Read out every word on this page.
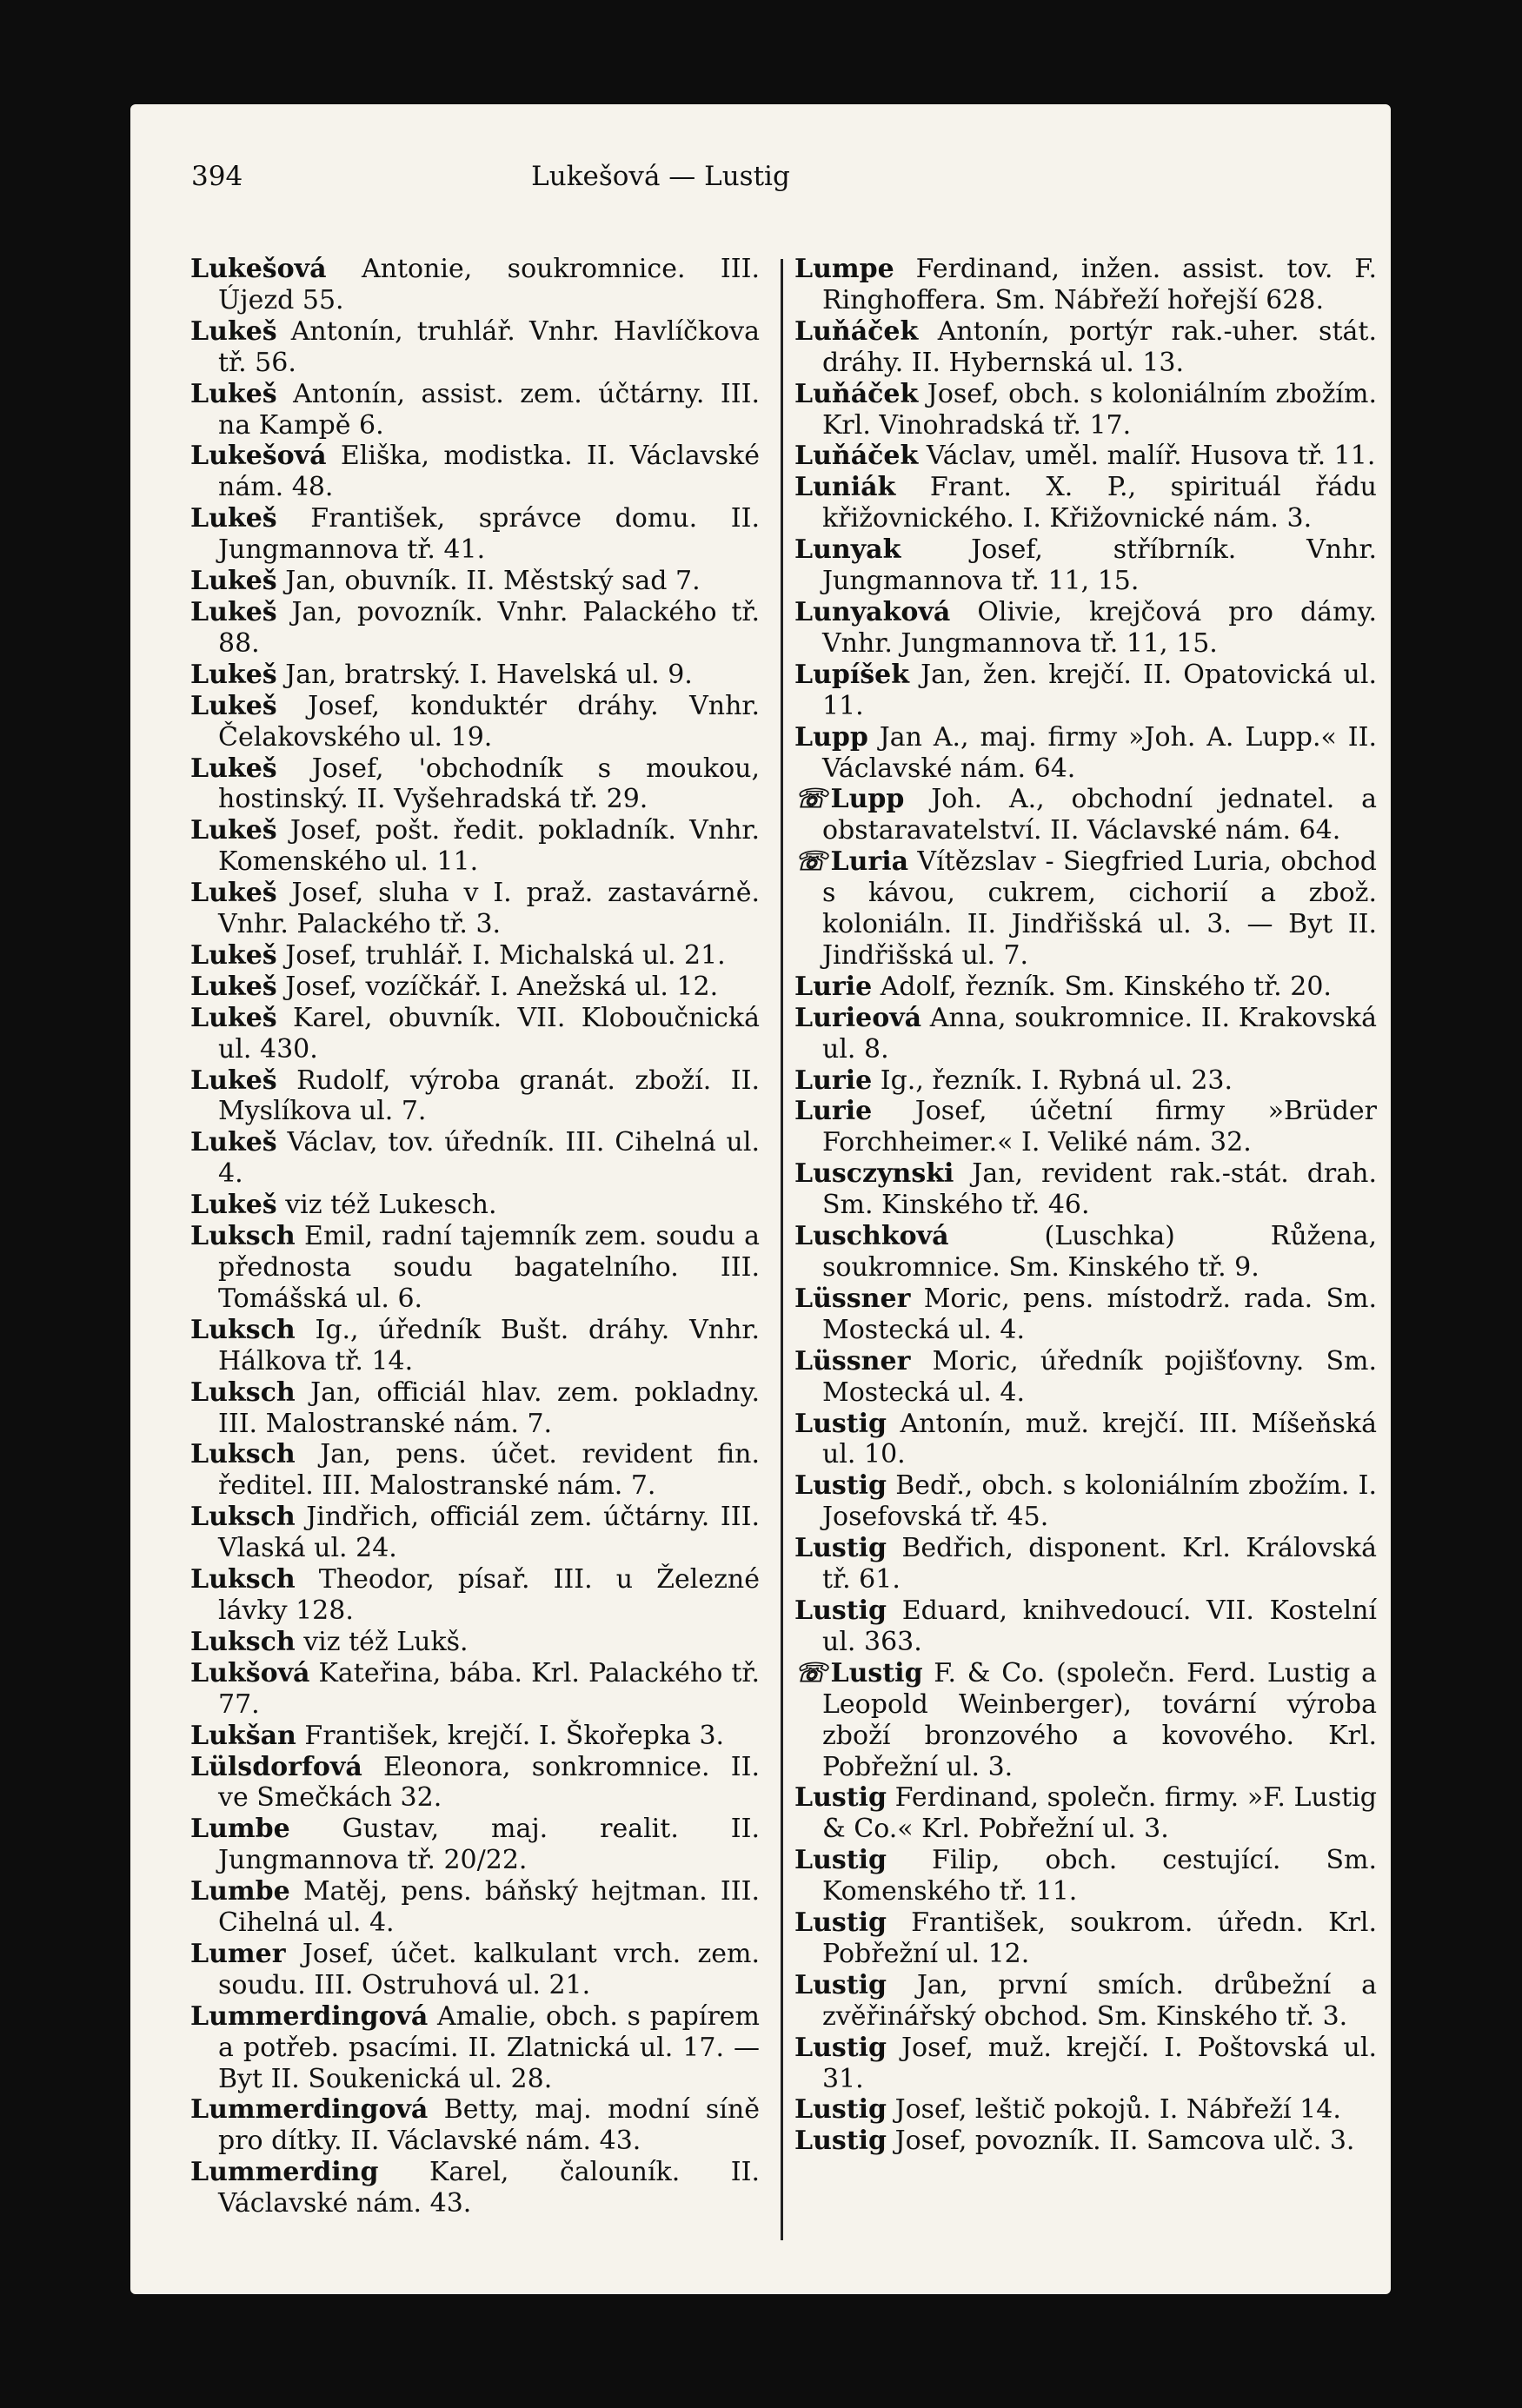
394	Lukešová — Lustig

Lukešová Antonie, soukromnice. III. Újezd 55.

Lukeš Antonín, truhlář. Vnhr. Havlíčkova tř. 56.

Lukeš Antonín, assist. zem. účtárny. III. na Kampě 6.

Lukešová Eliška, modistka. II. Václavské nám. 48.

Lukeš František, správce domu. II. Jungmannova tř. 41.

Lukeš Jan, obuvník. II. Městský sad 7.

Lukeš Jan, povozník. Vnhr. Palackého tř. 88.

Lukeš Jan, bratrský. I. Havelská ul. 9.

Lukeš Josef, konduktér dráhy. Vnhr. Čelakovského ul. 19.

Lukeš Josef, 'obchodník s moukou, hostinský. II. Vyšehradská tř. 29.

Lukeš Josef, pošt. ředit. pokladník. Vnhr. Komenského ul. 11.

Lukeš Josef, sluha v I. praž. zastavárně. Vnhr. Palackého tř. 3.

Lukeš Josef, truhlář. I. Michalská ul. 21.

Lukeš Josef, vozíčkář. I. Anežská ul. 12.

Lukeš Karel, obuvník. VII. Kloboučnická ul. 430.

Lukeš Rudolf, výroba granát. zboží. II. Myslíkova ul. 7.

Lukeš Václav, tov. úředník. III. Cihelná ul. 4.

Lukeš viz též Lukesch.

Luksch Emil, radní tajemník zem. soudu a přednosta soudu bagatelního. III. Tomášská ul. 6.

Luksch Ig., úředník Bušt. dráhy. Vnhr. Hálkova tř. 14.

Luksch Jan, officiál hlav. zem. pokladny. III. Malostranské nám. 7.

Luksch Jan, pens. účet. revident fin. ředitel. III. Malostranské nám. 7.

Luksch Jindřich, officiál zem. účtárny. III. Vlaská ul. 24.

Luksch Theodor, písař. III. u Železné lávky 128.

Luksch viz též Lukš.

Lukšová Kateřina, bába. Krl. Palackého tř. 77.

Lukšan František, krejčí. I. Škořepka 3.

Lülsdorfová Eleonora, sonkromnice. II. ve Smečkách 32.

Lumbe Gustav, maj. realit. II. Jungmannova tř. 20/22.

Lumbe Matěj, pens. báňský hejtman. III. Cihelná ul. 4.

Lumer Josef, účet. kalkulant vrch. zem. soudu. III. Ostruhová ul. 21.

Lummerdingová Amalie, obch. s papírem a potřeb. psacími. II. Zlatnická ul. 17. — Byt II. Soukenická ul. 28.

Lummerdingová Betty, maj. modní síně pro dítky. II. Václavské nám. 43.

Lummerding Karel, čalouník. II. Václavské nám. 43.

Lumpe Ferdinand, inžen. assist. tov. F. Ringhoffera. Sm. Nábřeží hořejší 628.

Luňáček Antonín, portýr rak.-uher. stát. dráhy. II. Hybernská ul. 13.

Luňáček Josef, obch. s koloniálním zbožím. Krl. Vinohradská tř. 17.

Luňáček Václav, uměl. malíř. Husova tř. 11.

Luniák Frant. X. P., spirituál řádu křižovnického. I. Křižovnické nám. 3.

Lunyak Josef, stříbrník. Vnhr. Jungmannova tř. 11, 15.

Lunyaková Olivie, krejčová pro dámy. Vnhr. Jungmannova tř. 11, 15.

Lupíšek Jan, žen. krejčí. II. Opatovická ul. 11.

Lupp Jan A., maj. firmy »Joh. A. Lupp.« II. Václavské nám. 64.

☏ Lupp Joh. A., obchodní jednatel. a obstaravatelství. II. Václavské nám. 64.

☏ Luria Vítězslav - Siegfried Luria, obchod s kávou, cukrem, cichorií a zbož. koloniáln. II. Jindřišská ul. 3. — Byt II. Jindřišská ul. 7.

Lurie Adolf, řezník. Sm. Kinského tř. 20.

Lurieová Anna, soukromnice. II. Krakovská ul. 8.

Lurie Ig., řezník. I. Rybná ul. 23.

Lurie Josef, účetní firmy »Brüder Forchheimer.« I. Veliké nám. 32.

Lusczynski Jan, revident rak.-stát. drah. Sm. Kinského tř. 46.

Luschková (Luschka) Růžena, soukromnice. Sm. Kinského tř. 9.

Lüssner Moric, pens. místodrž. rada. Sm. Mostecká ul. 4.

Lüssner Moric, úředník pojišťovny. Sm. Mostecká ul. 4.

Lustig Antonín, muž. krejčí. III. Míšeňská ul. 10.

Lustig Bedř., obch. s koloniálním zbožím. I. Josefovská tř. 45.

Lustig Bedřich, disponent. Krl. Královská tř. 61.

Lustig Eduard, knihvedoucí. VII. Kostelní ul. 363.

☏ Lustig F. & Co. (společn. Ferd. Lustig a Leopold Weinberger), tovární výroba zboží bronzového a kovového. Krl. Pobřežní ul. 3.

Lustig Ferdinand, společn. firmy. »F. Lustig & Co.« Krl. Pobřežní ul. 3.

Lustig Filip, obch. cestující. Sm. Komenského tř. 11.

Lustig František, soukrom. úředn. Krl. Pobřežní ul. 12.

Lustig Jan, první smích. drůbežní a zvěřinářský obchod. Sm. Kinského tř. 3.

Lustig Josef, muž. krejčí. I. Poštovská ul. 31.

Lustig Josef, leštič pokojů. I. Nábřeží 14.

Lustig Josef, povozník. II. Samcova ulč. 3.
